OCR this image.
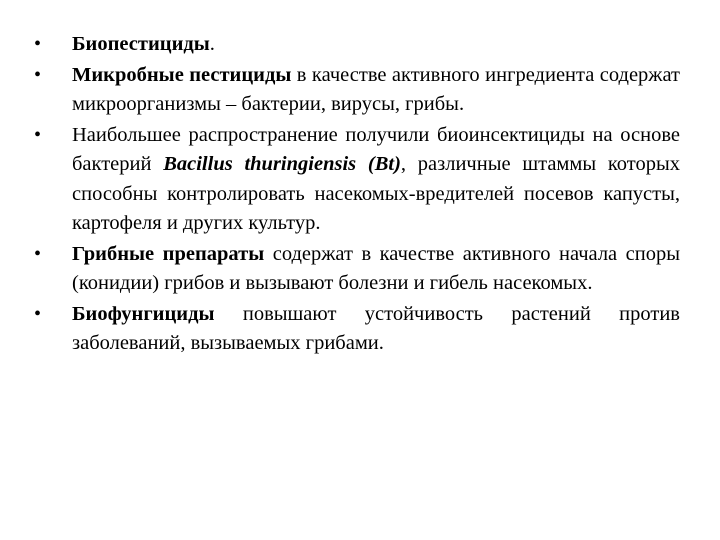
• Биопестициды.
• Микробные пестициды в качестве активного ингредиента содержат микроорганизмы – бактерии, вирусы, грибы.
• Наибольшее распространение получили биоинсектициды на основе бактерий Bacillus thuringiensis (Bt), различные штаммы которых способны контролировать насекомых-вредителей посевов капусты, картофеля и других культур.
• Грибные препараты содержат в качестве активного начала споры (конидии) грибов и вызывают болезни и гибель насекомых.
• Биофунгициды повышают устойчивость растений против заболеваний, вызываемых грибами.
